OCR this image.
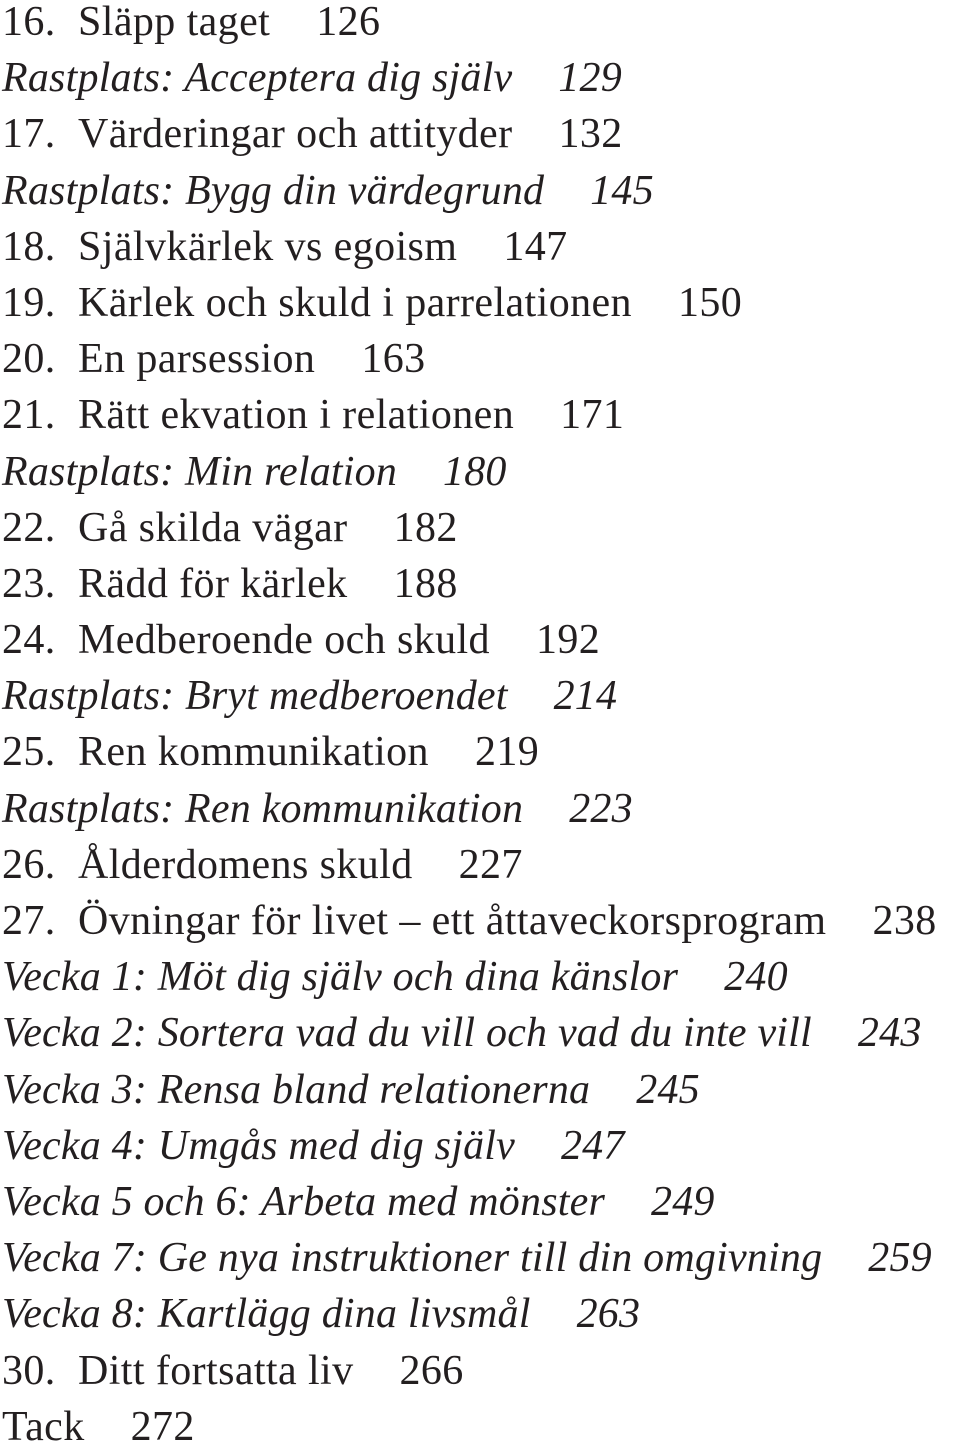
16. Släpp taget 126
Rastplats: Acceptera dig själv 129
17. Värderingar och attityder 132
Rastplats: Bygg din värdegrund 145
18. Självkärlek vs egoism 147
19. Kärlek och skuld i parrelationen 150
20. En parsession 163
21. Rätt ekvation i relationen 171
Rastplats: Min relation 180
22. Gå skilda vägar 182
23. Rädd för kärlek 188
24. Medberoende och skuld 192
Rastplats: Bryt medberoendet 214
25. Ren kommunikation 219
Rastplats: Ren kommunikation 223
26. Ålderdomens skuld 227
27. Övningar för livet – ett åttaveckorsprogram 238
Vecka 1: Möt dig själv och dina känslor 240
Vecka 2: Sortera vad du vill och vad du inte vill 243
Vecka 3: Rensa bland relationerna 245
Vecka 4: Umgås med dig själv 247
Vecka 5 och 6: Arbeta med mönster 249
Vecka 7: Ge nya instruktioner till din omgivning 259
Vecka 8: Kartlägg dina livsmål 263
30. Ditt fortsatta liv 266
Tack 272
